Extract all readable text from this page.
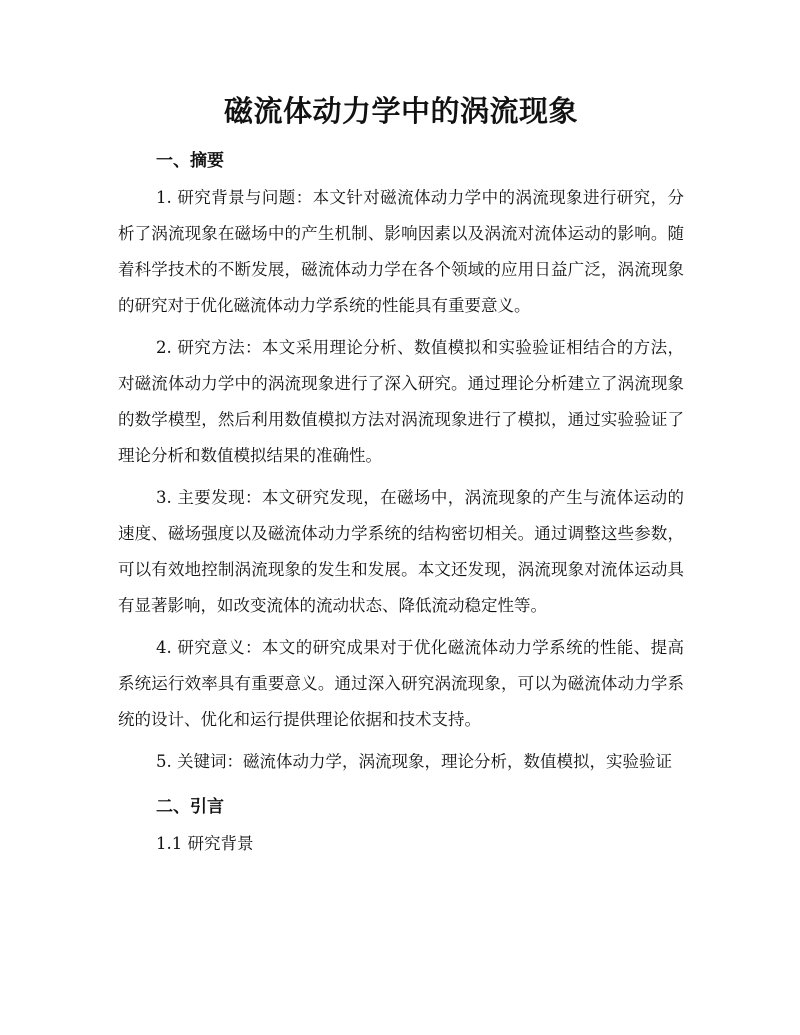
磁流体动力学中的涡流现象
一、摘要

1. 研究背景与问题：本文针对磁流体动力学中的涡流现象进行研究，分析了涡流现象在磁场中的产生机制、影响因素以及涡流对流体运动的影响。随着科学技术的不断发展，磁流体动力学在各个领域的应用日益广泛，涡流现象的研究对于优化磁流体动力学系统的性能具有重要意义。

2. 研究方法：本文采用理论分析、数值模拟和实验验证相结合的方法，对磁流体动力学中的涡流现象进行了深入研究。通过理论分析建立了涡流现象的数学模型，然后利用数值模拟方法对涡流现象进行了模拟，通过实验验证了理论分析和数值模拟结果的准确性。

3. 主要发现：本文研究发现，在磁场中，涡流现象的产生与流体运动的速度、磁场强度以及磁流体动力学系统的结构密切相关。通过调整这些参数，可以有效地控制涡流现象的发生和发展。本文还发现，涡流现象对流体运动具有显著影响，如改变流体的流动状态、降低流动稳定性等。

4. 研究意义：本文的研究成果对于优化磁流体动力学系统的性能、提高系统运行效率具有重要意义。通过深入研究涡流现象，可以为磁流体动力学系统的设计、优化和运行提供理论依据和技术支持。

5. 关键词：磁流体动力学，涡流现象，理论分析，数值模拟，实验验证

二、引言
1.1 研究背景
